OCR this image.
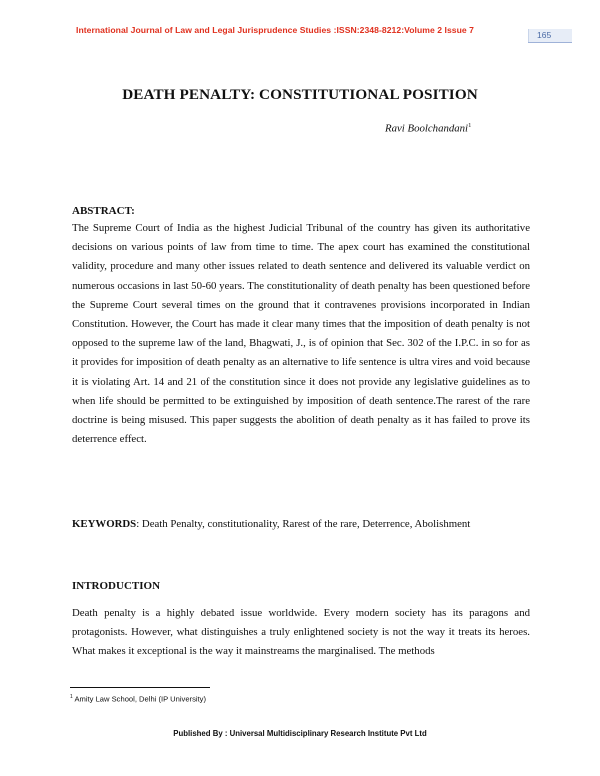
International Journal of Law and Legal Jurisprudence Studies :ISSN:2348-8212:Volume 2 Issue 7	165
DEATH PENALTY: CONSTITUTIONAL POSITION
Ravi Boolchandani$^1$
ABSTRACT:

The Supreme Court of India as the highest Judicial Tribunal of the country has given its authoritative decisions on various points of law from time to time. The apex court has examined the constitutional validity, procedure and many other issues related to death sentence and delivered its valuable verdict on numerous occasions in last 50-60 years. The constitutionality of death penalty has been questioned before the Supreme Court several times on the ground that it contravenes provisions incorporated in Indian Constitution. However, the Court has made it clear many times that the imposition of death penalty is not opposed to the supreme law of the land, Bhagwati, J., is of opinion that Sec. 302 of the I.P.C. in so for as it provides for imposition of death penalty as an alternative to life sentence is ultra vires and void because it is violating Art. 14 and 21 of the constitution since it does not provide any legislative guidelines as to when life should be permitted to be extinguished by imposition of death sentence.The rarest of the rare doctrine is being misused. This paper suggests the abolition of death penalty as it has failed to prove its deterrence effect.

KEYWORDS: Death Penalty, constitutionality, Rarest of the rare, Deterrence, Abolishment
INTRODUCTION

Death penalty is a highly debated issue worldwide. Every modern society has its paragons and protagonists. However, what distinguishes a truly enlightened society is not the way it treats its heroes. What makes it exceptional is the way it mainstreams the marginalised. The methods

$^1$ Amity Law School, Delhi (IP University)
Published By : Universal Multidisciplinary Research Institute Pvt Ltd
